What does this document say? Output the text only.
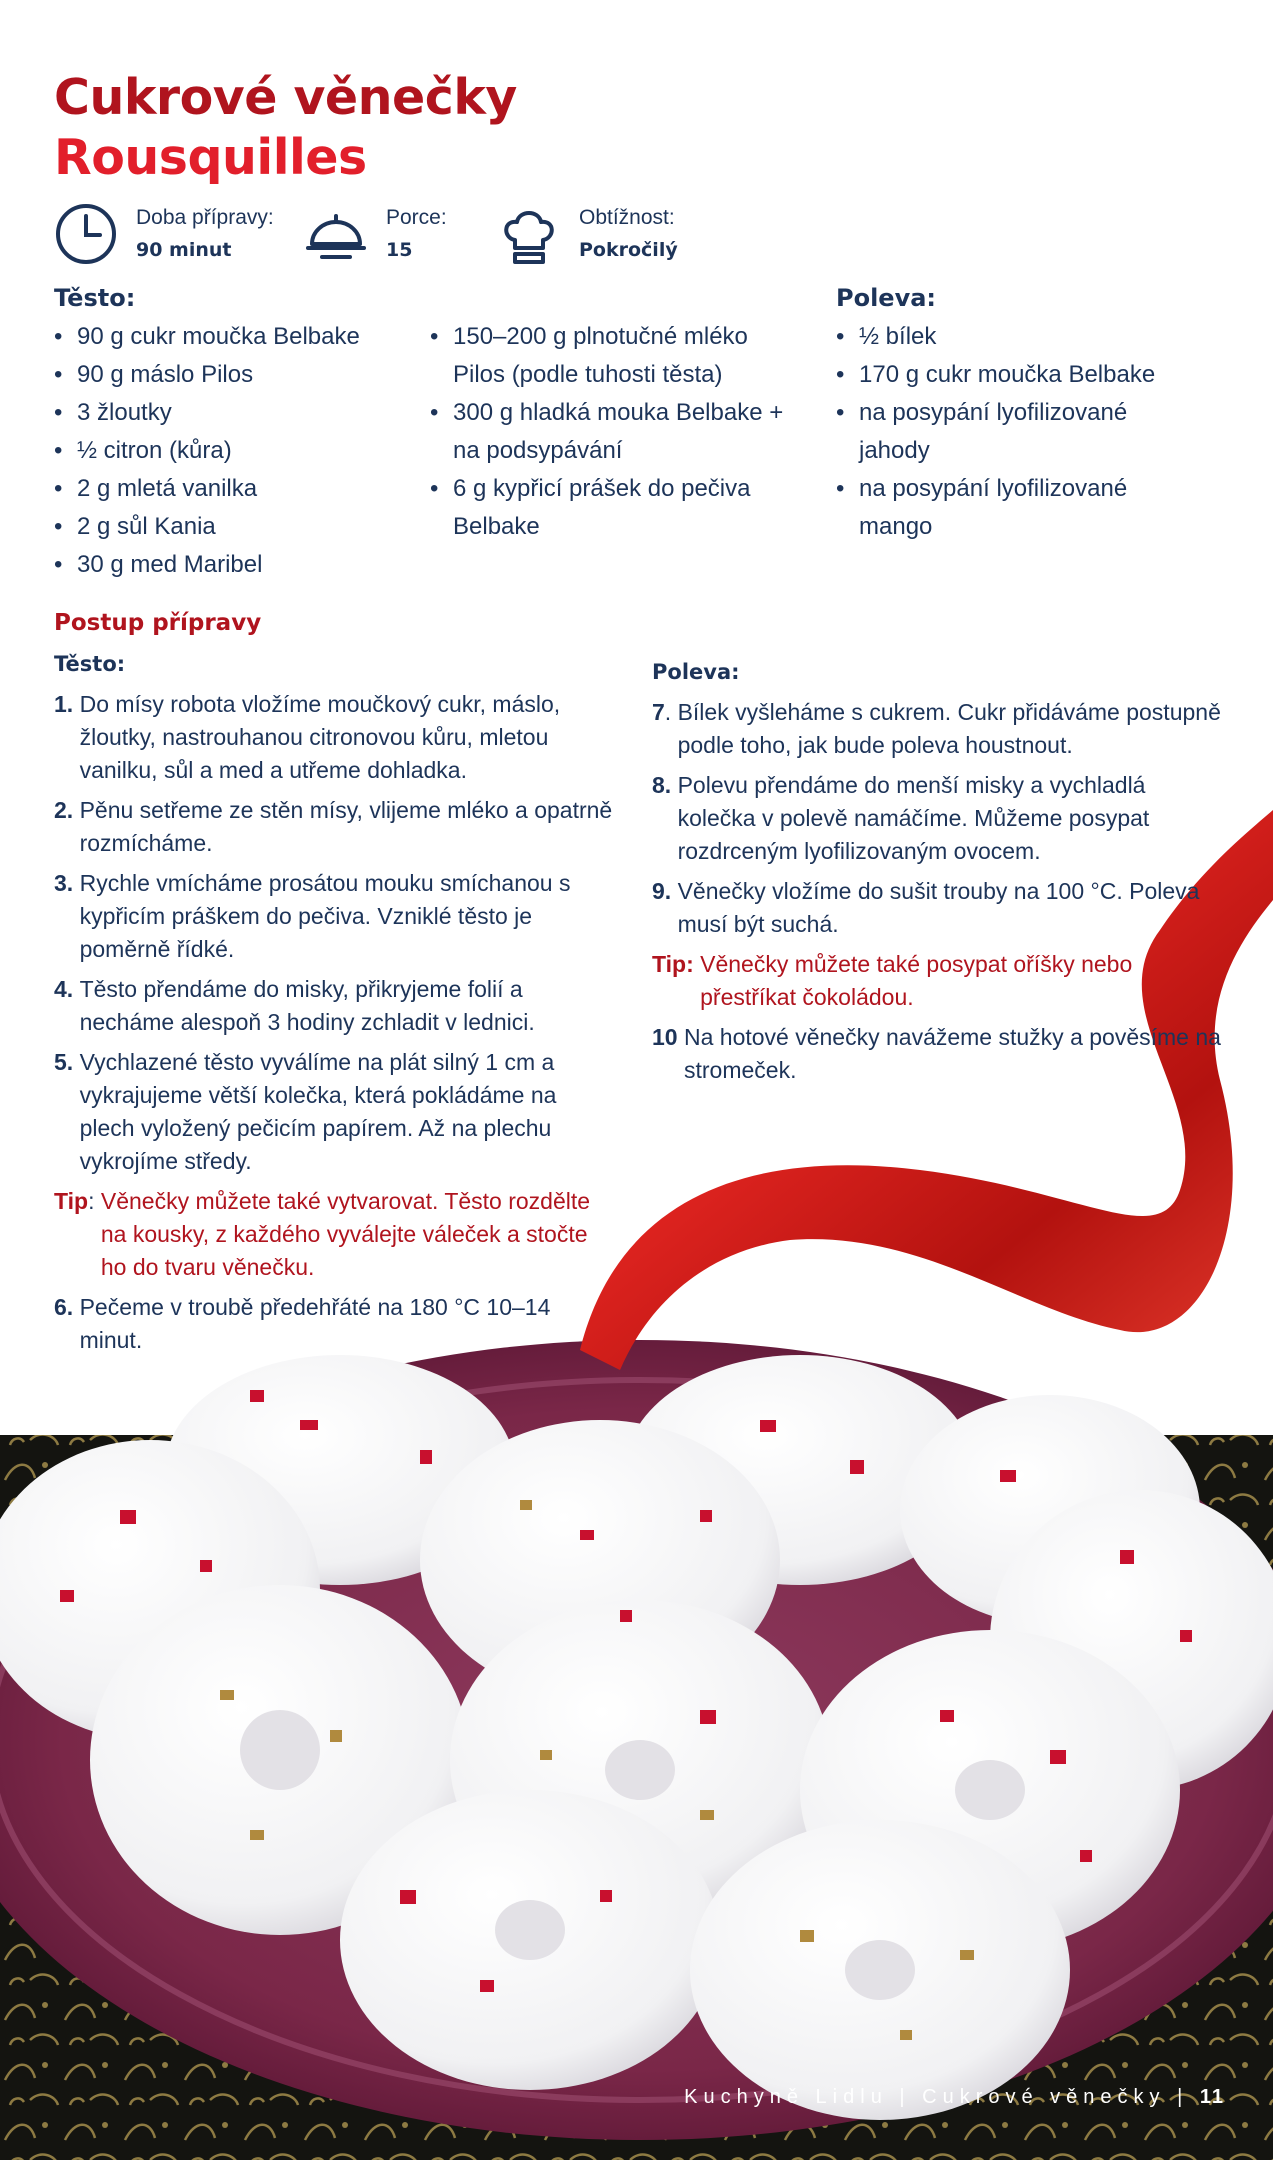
Cukrové věnečky
Rousquilles
Doba přípravy:
90 minut
Porce:
15
Obtížnost:
Pokročilý
Těsto:
• 90 g cukr moučka Belbake
• 90 g máslo Pilos
• 3 žloutky
• ½ citron (kůra)
• 2 g mletá vanilka
• 2 g sůl Kania
• 30 g med Maribel
• 150–200 g plnotučné mléko Pilos (podle tuhosti těsta)
• 300 g hladká mouka Belbake + na podsypávání
• 6 g kypřicí prášek do pečiva Belbake
Poleva:
• ½ bílek
• 170 g cukr moučka Belbake
• na posypání lyofilizované jahody
• na posypání lyofilizované mango
Postup přípravy
Těsto:
1.
Do mísy robota vložíme moučkový cukr, máslo, žloutky, nastrouhanou citronovou kůru, mletou vanilku, sůl a med a utřeme dohladka.
2.
Pěnu setřeme ze stěn mísy, vlijeme mléko a opatrně rozmícháme.
3.
Rychle vmícháme prosátou mouku smíchanou s kypřicím práškem do pečiva. Vzniklé těsto je poměrně řídké.
4.
Těsto přendáme do misky, přikryjeme folií a necháme alespoň 3 hodiny zchladit v lednici.
5.
Vychlazené těsto vyválíme na plát silný 1 cm a vykrajujeme větší kolečka, která pokládáme na plech vyložený pečicím papírem. Až na plechu vykrojíme středy.
Tip : Věnečky můžete také vytvarovat. Těsto rozdělte na kousky, z každého vyválejte váleček a stočte ho do tvaru věnečku.
6.
Pečeme v troubě předehřáté na 180 °C 10–14 minut.
Poleva:
7 . Bílek vyšleháme s cukrem. Cukr přidáváme postupně podle toho, jak bude poleva houstnout.
8.
Polevu přendáme do menší misky a vychladlá kolečka v polevě namáčíme. Můžeme posypat rozdrceným lyofilizovaným ovocem.
9.
Věnečky vložíme do sušit trouby na 100 °C. Poleva musí být suchá.
Tip:
Věnečky můžete také posypat oříšky nebo přestříkat čokoládou.
10
Na hotové věnečky navážeme stužky a pověsíme na stromeček.
Kuchyně Lidlu | Cukrové věnečky | 11
